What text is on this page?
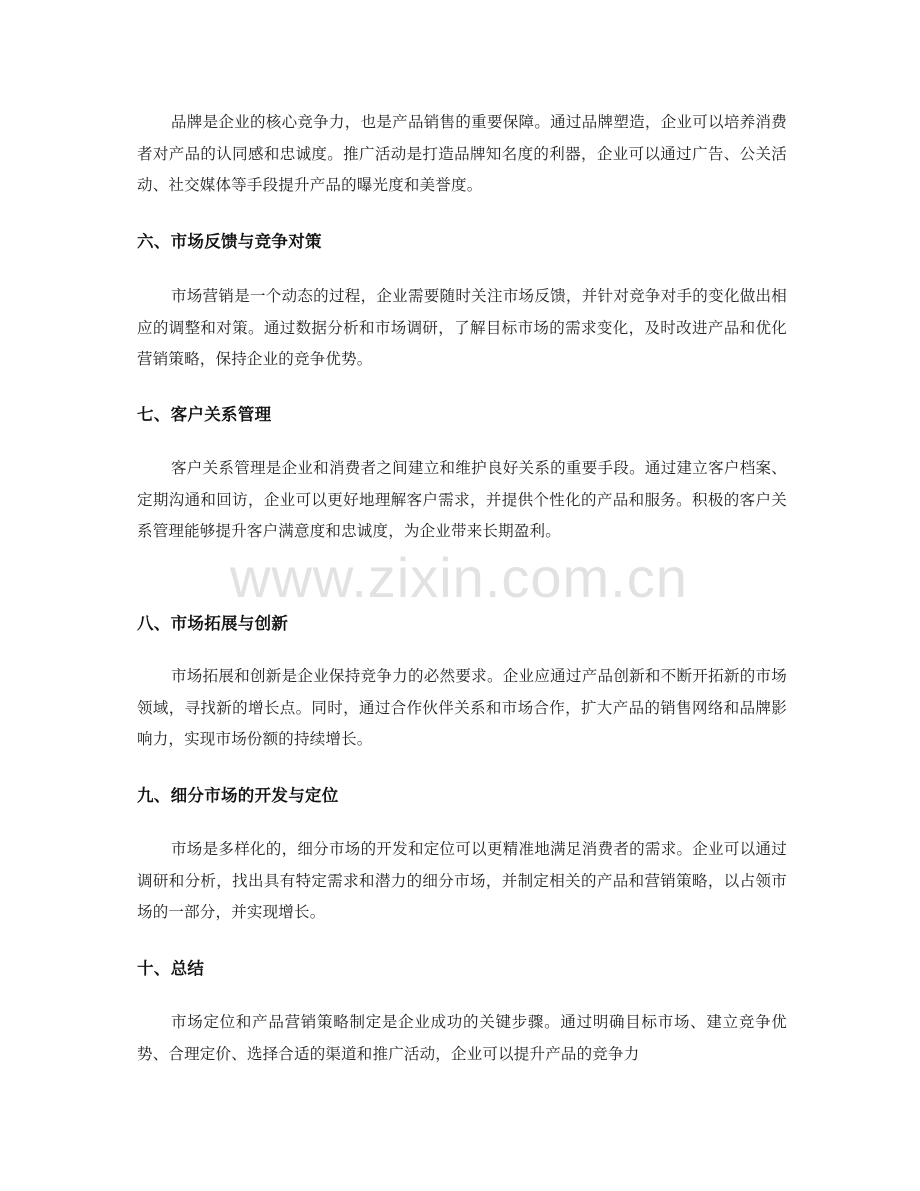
品牌是企业的核心竞争力，也是产品销售的重要保障。通过品牌塑造，企业可以培养消费者对产品的认同感和忠诚度。推广活动是打造品牌知名度的利器，企业可以通过广告、公关活动、社交媒体等手段提升产品的曝光度和美誉度。

六、市场反馈与竞争对策

市场营销是一个动态的过程，企业需要随时关注市场反馈，并针对竞争对手的变化做出相应的调整和对策。通过数据分析和市场调研，了解目标市场的需求变化，及时改进产品和优化营销策略，保持企业的竞争优势。

七、客户关系管理

客户关系管理是企业和消费者之间建立和维护良好关系的重要手段。通过建立客户档案、定期沟通和回访，企业可以更好地理解客户需求，并提供个性化的产品和服务。积极的客户关系管理能够提升客户满意度和忠诚度，为企业带来长期盈利。

八、市场拓展与创新

市场拓展和创新是企业保持竞争力的必然要求。企业应通过产品创新和不断开拓新的市场领域，寻找新的增长点。同时，通过合作伙伴关系和市场合作，扩大产品的销售网络和品牌影响力，实现市场份额的持续增长。

九、细分市场的开发与定位

市场是多样化的，细分市场的开发和定位可以更精准地满足消费者的需求。企业可以通过调研和分析，找出具有特定需求和潜力的细分市场，并制定相关的产品和营销策略，以占领市场的一部分，并实现增长。

十、总结

市场定位和产品营销策略制定是企业成功的关键步骤。通过明确目标市场、建立竞争优势、合理定价、选择合适的渠道和推广活动，企业可以提升产品的竞争力

www.zixin.com.cn
